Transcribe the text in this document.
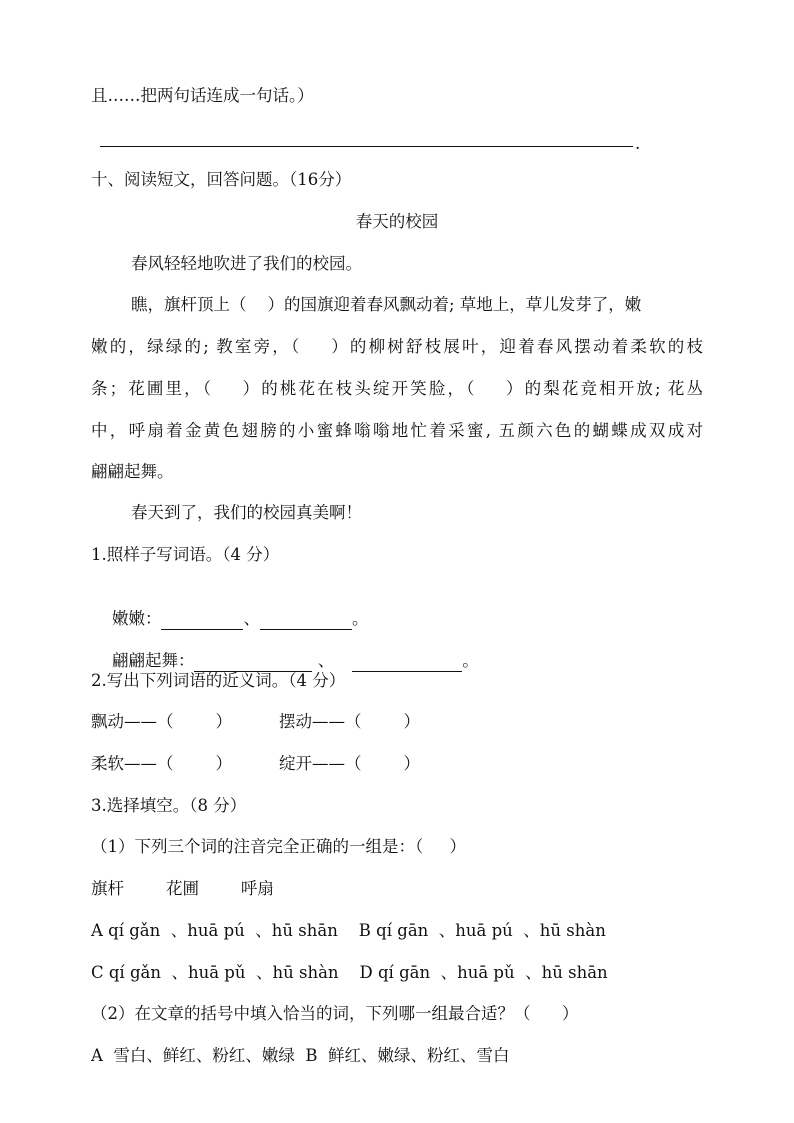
且……把两句话连成一句话。）
.
十、阅读短文，回答问题。（16分）
春天的校园
春风轻轻地吹进了我们的校园。
瞧，旗杆顶上（    ）的国旗迎着春风飘动着; 草地上，草儿发芽了，嫩
嫩的，绿绿的; 教室旁，（    ）的柳树舒枝展叶，迎着春风摆动着柔软的枝
条；花圃里，（    ）的桃花在枝头绽开笑脸，（    ）的梨花竞相开放; 花丛
中，呼扇着金黄色翅膀的小蜜蜂嗡嗡地忙着采蜜, 五颜六色的蝴蝶成双成对
翩翩起舞。
春天到了，我们的校园真美啊！
1.照样子写词语。（4 分）

嫩嫩：	、	。

翩翩起舞：	、	。

2.写出下列词语的近义词。（4 分）
飘动——（        ）	摆动——（        ）
柔软——（        ）	绽开——（        ）
3.选择填空。（8 分）
（1）下列三个词的注音完全正确的一组是：（     ）
旗杆        花圃        呼扇
A qí gǎn  、huā pú  、hū shān    B qí gān  、huā pú  、hū shàn
C qí gǎn  、huā pǔ  、hū shàn    D qí gān  、huā pǔ  、hū shān
（2）在文章的括号中填入恰当的词，下列哪一组最合适？（      ）
A  雪白、鲜红、粉红、嫩绿  B  鲜红、嫩绿、粉红、雪白
